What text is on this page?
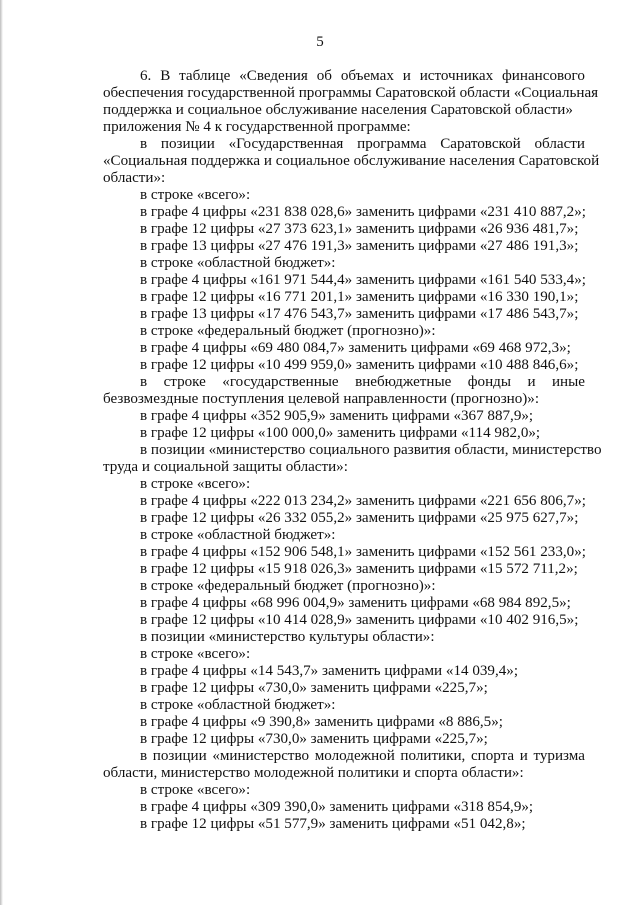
5

6. В таблице «Сведения об объемах и источниках финансового

обеспечения государственной программы Саратовской области «Социальная

поддержка и социальное обслуживание населения Саратовской области»

приложения № 4 к государственной программе:

в позиции «Государственная программа Саратовской области

«Социальная поддержка и социальное обслуживание населения Саратовской

области»:

в строке «всего»:

в графе 4 цифры «231 838 028,6» заменить цифрами «231 410 887,2»;

в графе 12 цифры «27 373 623,1» заменить цифрами «26 936 481,7»;

в графе 13 цифры «27 476 191,3» заменить цифрами «27 486 191,3»;

в строке «областной бюджет»:

в графе 4 цифры «161 971 544,4» заменить цифрами «161 540 533,4»;

в графе 12 цифры «16 771 201,1» заменить цифрами «16 330 190,1»;

в графе 13 цифры «17 476 543,7» заменить цифрами «17 486 543,7»;

в строке «федеральный бюджет (прогнозно)»:

в графе 4 цифры «69 480 084,7» заменить цифрами «69 468 972,3»;

в графе 12 цифры «10 499 959,0» заменить цифрами «10 488 846,6»;

в строке «государственные внебюджетные фонды и иные

безвозмездные поступления целевой направленности (прогнозно)»:

в графе 4 цифры «352 905,9» заменить цифрами «367 887,9»;

в графе 12 цифры «100 000,0» заменить цифрами «114 982,0»;

в позиции «министерство социального развития области, министерство

труда и социальной защиты области»:

в строке «всего»:

в графе 4 цифры «222 013 234,2» заменить цифрами «221 656 806,7»;

в графе 12 цифры «26 332 055,2» заменить цифрами «25 975 627,7»;

в строке «областной бюджет»:

в графе 4 цифры «152 906 548,1» заменить цифрами «152 561 233,0»;

в графе 12 цифры «15 918 026,3» заменить цифрами «15 572 711,2»;

в строке «федеральный бюджет (прогнозно)»:

в графе 4 цифры «68 996 004,9» заменить цифрами «68 984 892,5»;

в графе 12 цифры «10 414 028,9» заменить цифрами «10 402 916,5»;

в позиции «министерство культуры области»:

в строке «всего»:

в графе 4 цифры «14 543,7» заменить цифрами «14 039,4»;

в графе 12 цифры «730,0» заменить цифрами «225,7»;

в строке «областной бюджет»:

в графе 4 цифры «9 390,8» заменить цифрами «8 886,5»;

в графе 12 цифры «730,0» заменить цифрами «225,7»;

в позиции «министерство молодежной политики, спорта и туризма

области, министерство молодежной политики и спорта области»:

в строке «всего»:

в графе 4 цифры «309 390,0» заменить цифрами «318 854,9»;

в графе 12 цифры «51 577,9» заменить цифрами «51 042,8»;
